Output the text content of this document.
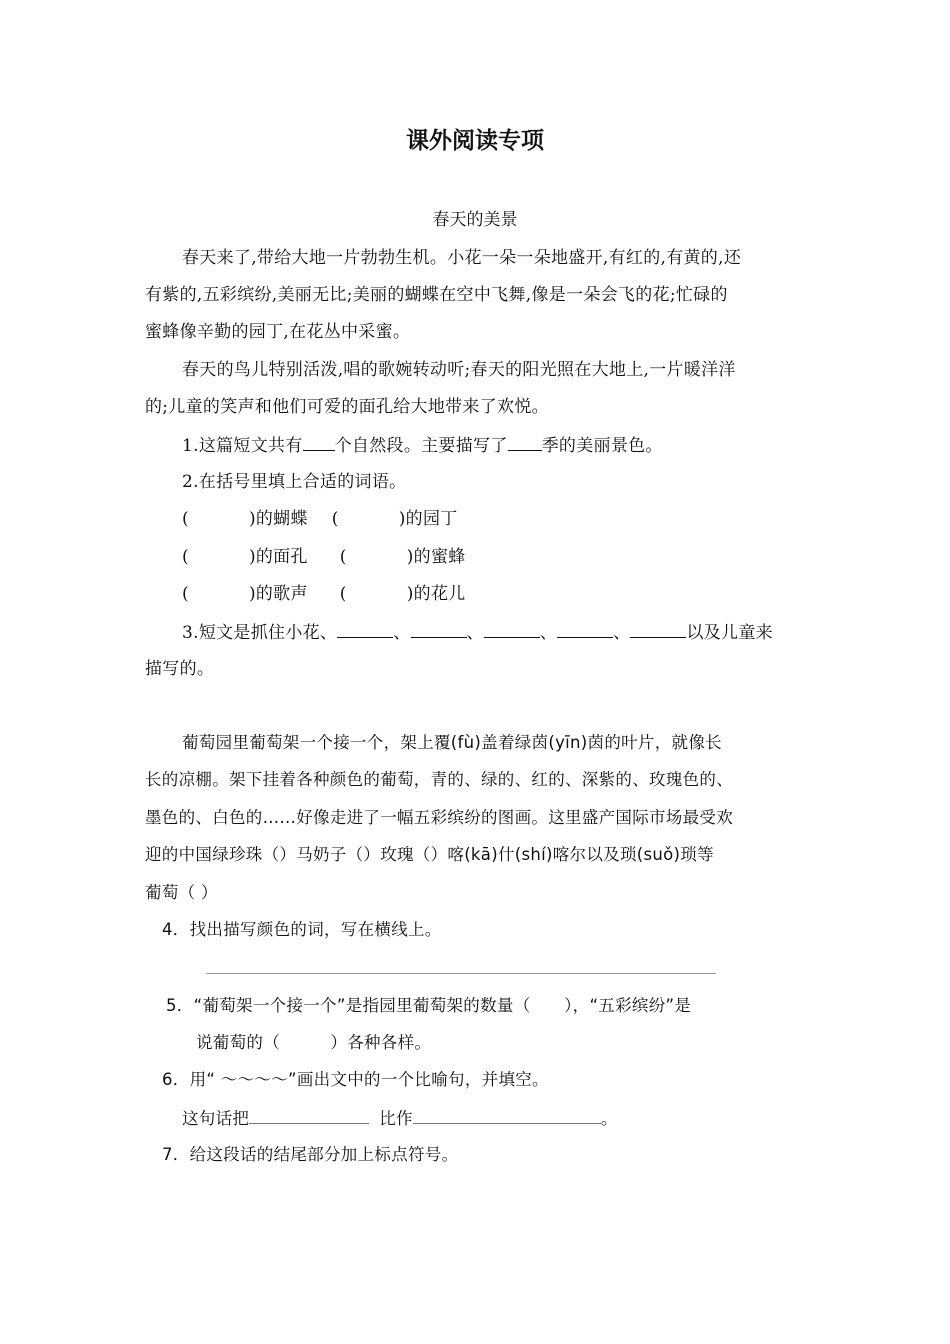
课外阅读专项
春天的美景
春天来了,带给大地一片勃勃生机。小花一朵一朵地盛开,有红的,有黄的,还
有紫的,五彩缤纷,美丽无比;美丽的蝴蝶在空中飞舞,像是一朵会飞的花;忙碌的
蜜蜂像辛勤的园丁,在花丛中采蜜。
春天的鸟儿特别活泼,唱的歌婉转动听;春天的阳光照在大地上,一片暖洋洋
的;儿童的笑声和他们可爱的面孔给大地带来了欢悦。
1.这篇短文共有 个自然段。主要描写了 季的美丽景色。
2.在括号里填上合适的词语。
(	)的蝴蝶 (	)的园丁
(	)的面孔 (	)的蜜蜂
(	)的歌声 (	)的花儿
3.短文是抓住小花、	、	、	、	、	以及儿童来
描写的。
葡萄园里葡萄架一个接一个，架上覆(fù)盖着绿茵(yīn)茵的叶片，就像长
长的凉棚。架下挂着各种颜色的葡萄，青的、绿的、红的、深紫的、玫瑰色的、
墨色的、白色的……好像走进了一幅五彩缤纷的图画。这里盛产国际市场最受欢
迎的中国绿珍珠（）马奶子（）玫瑰（）喀(kā)什(shí)喀尔以及琐(suǒ)琐等
葡萄（ ）
4．找出描写颜色的词，写在横线上。
5．“葡萄架一个接一个”是指园里葡萄架的数量（　　），“五彩缤纷”是
说葡萄的（　　　）各种各样。
6．用“ ～～～～”画出文中的一个比喻句，并填空。
这句话把	比作	。
7．给这段话的结尾部分加上标点符号。
